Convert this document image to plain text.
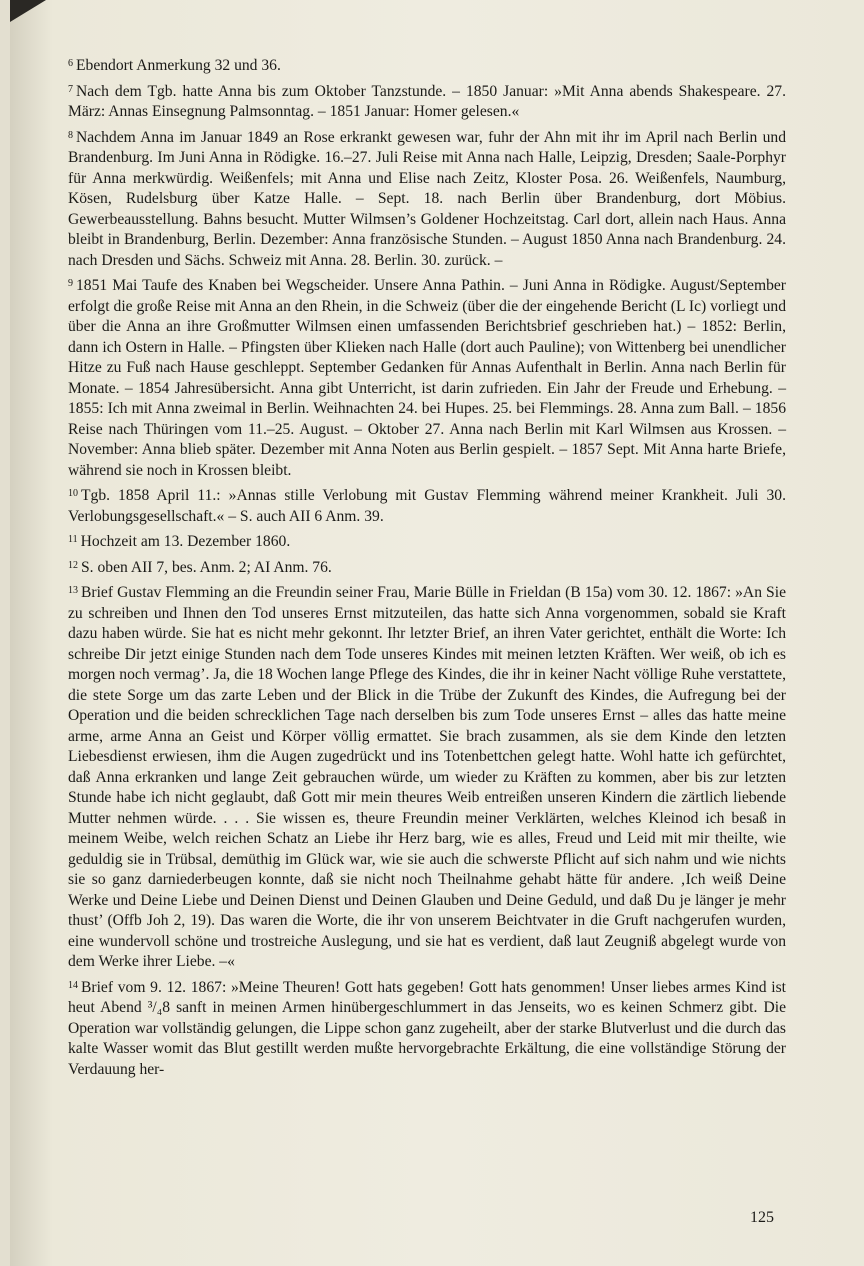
$^6$ Ebendort Anmerkung 32 und 36.

$^7$ Nach dem Tgb. hatte Anna bis zum Oktober Tanzstunde. – 1850 Januar: »Mit Anna abends Shakespeare. 27. März: Annas Einsegnung Palmsonntag. – 1851 Januar: Homer gelesen.«

$^8$ Nachdem Anna im Januar 1849 an Rose erkrankt gewesen war, fuhr der Ahn mit ihr im April nach Berlin und Brandenburg. Im Juni Anna in Rödigke. 16.–27. Juli Reise mit Anna nach Halle, Leipzig, Dresden; Saale-Porphyr für Anna merkwürdig. Weißenfels; mit Anna und Elise nach Zeitz, Kloster Posa. 26. Weißenfels, Naumburg, Kösen, Rudelsburg über Katze Halle. – Sept. 18. nach Berlin über Brandenburg, dort Möbius. Gewerbeausstellung. Bahns besucht. Mutter Wilmsen’s Goldener Hochzeitstag. Carl dort, allein nach Haus. Anna bleibt in Brandenburg, Berlin. Dezember: Anna französische Stunden. – August 1850 Anna nach Brandenburg. 24. nach Dresden und Sächs. Schweiz mit Anna. 28. Berlin. 30. zurück. –

$^9$ 1851 Mai Taufe des Knaben bei Wegscheider. Unsere Anna Pathin. – Juni Anna in Rödigke. August/September erfolgt die große Reise mit Anna an den Rhein, in die Schweiz (über die der eingehende Bericht (L Ic) vorliegt und über die Anna an ihre Großmutter Wilmsen einen umfassenden Berichtsbrief geschrieben hat.) – 1852: Berlin, dann ich Ostern in Halle. – Pfingsten über Klieken nach Halle (dort auch Pauline); von Wittenberg bei unendlicher Hitze zu Fuß nach Hause geschleppt. September Gedanken für Annas Aufenthalt in Berlin. Anna nach Berlin für Monate. – 1854 Jahresübersicht. Anna gibt Unterricht, ist darin zufrieden. Ein Jahr der Freude und Erhebung. – 1855: Ich mit Anna zweimal in Berlin. Weihnachten 24. bei Hupes. 25. bei Flemmings. 28. Anna zum Ball. – 1856 Reise nach Thüringen vom 11.–25. August. – Oktober 27. Anna nach Berlin mit Karl Wilmsen aus Krossen. – November: Anna blieb später. Dezember mit Anna Noten aus Berlin gespielt. – 1857 Sept. Mit Anna harte Briefe, während sie noch in Krossen bleibt.

$^{10}$ Tgb. 1858 April 11.: »Annas stille Verlobung mit Gustav Flemming während meiner Krankheit. Juli 30. Verlobungsgesellschaft.« – S. auch AII 6 Anm. 39.

$^{11}$ Hochzeit am 13. Dezember 1860.

$^{12}$ S. oben AII 7, bes. Anm. 2; AI Anm. 76.

$^{13}$ Brief Gustav Flemming an die Freundin seiner Frau, Marie Bülle in Frieldan (B 15a) vom 30. 12. 1867: »An Sie zu schreiben und Ihnen den Tod unseres Ernst mitzuteilen, das hatte sich Anna vorgenommen, sobald sie Kraft dazu haben würde. Sie hat es nicht mehr gekonnt. Ihr letzter Brief, an ihren Vater gerichtet, enthält die Worte: Ich schreibe Dir jetzt einige Stunden nach dem Tode unseres Kindes mit meinen letzten Kräften. Wer weiß, ob ich es morgen noch vermag’. Ja, die 18 Wochen lange Pflege des Kindes, die ihr in keiner Nacht völlige Ruhe verstattete, die stete Sorge um das zarte Leben und der Blick in die Trübe der Zukunft des Kindes, die Aufregung bei der Operation und die beiden schrecklichen Tage nach derselben bis zum Tode unseres Ernst – alles das hatte meine arme, arme Anna an Geist und Körper völlig ermattet. Sie brach zusammen, als sie dem Kinde den letzten Liebesdienst erwiesen, ihm die Augen zugedrückt und ins Totenbettchen gelegt hatte. Wohl hatte ich gefürchtet, daß Anna erkranken und lange Zeit gebrauchen würde, um wieder zu Kräften zu kommen, aber bis zur letzten Stunde habe ich nicht geglaubt, daß Gott mir mein theures Weib entreißen unseren Kindern die zärtlich liebende Mutter nehmen würde. . . . Sie wissen es, theure Freundin meiner Verklärten, welches Kleinod ich besaß in meinem Weibe, welch reichen Schatz an Liebe ihr Herz barg, wie es alles, Freud und Leid mit mir theilte, wie geduldig sie in Trübsal, demüthig im Glück war, wie sie auch die schwerste Pflicht auf sich nahm und wie nichts sie so ganz darniederbeugen konnte, daß sie nicht noch Theilnahme gehabt hätte für andere. ‚Ich weiß Deine Werke und Deine Liebe und Deinen Dienst und Deinen Glauben und Deine Geduld, und daß Du je länger je mehr thust’ (Offb Joh 2, 19). Das waren die Worte, die ihr von unserem Beichtvater in die Gruft nachgerufen wurden, eine wundervoll schöne und trostreiche Auslegung, und sie hat es verdient, daß laut Zeugniß abgelegt wurde von dem Werke ihrer Liebe. –«

$^{14}$ Brief vom 9. 12. 1867: »Meine Theuren! Gott hats gegeben! Gott hats genommen! Unser liebes armes Kind ist heut Abend ³/₄8 sanft in meinen Armen hinübergeschlummert in das Jenseits, wo es keinen Schmerz gibt. Die Operation war vollständig gelungen, die Lippe schon ganz zugeheilt, aber der starke Blutverlust und die durch das kalte Wasser womit das Blut gestillt werden mußte hervorgebrachte Erkältung, die eine vollständige Störung der Verdauung her-

125
